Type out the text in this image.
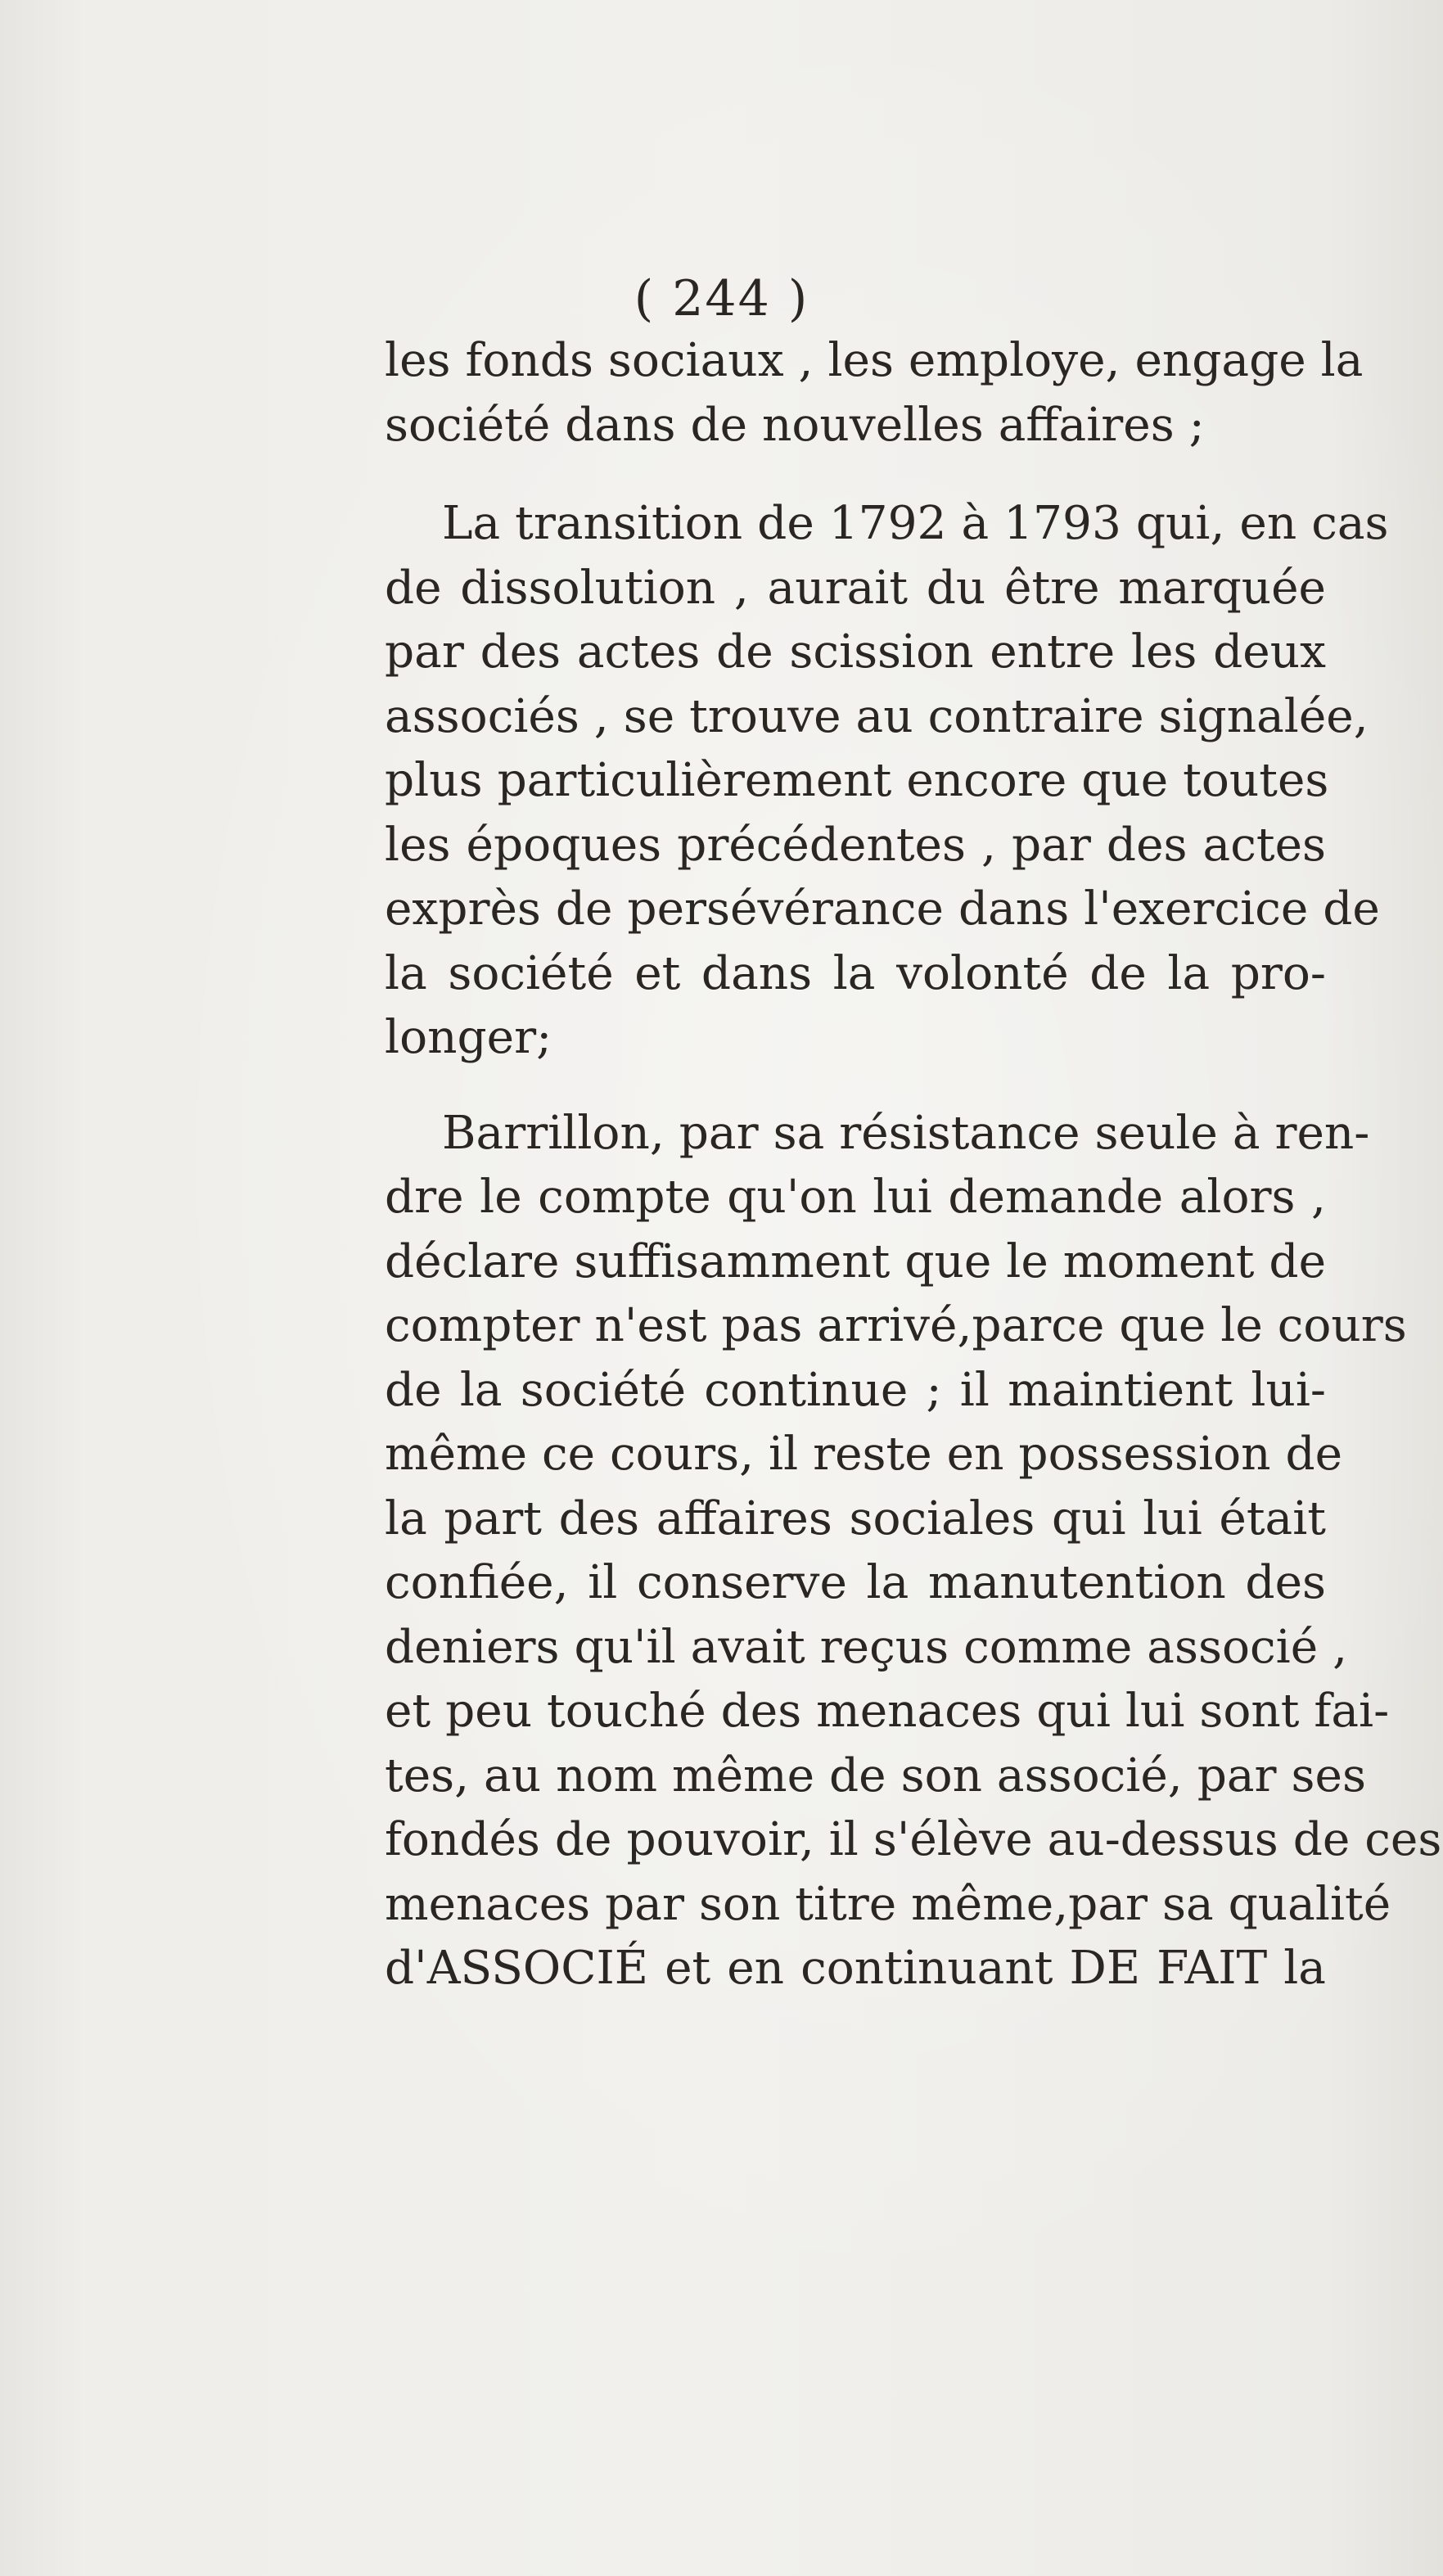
( 244 )
les fonds sociaux , les employe, engage la
société dans de nouvelles affaires ;
La transition de 1792 à 1793 qui, en cas
de dissolution , aurait du être marquée
par des actes de scission entre les deux
associés , se trouve au contraire signalée,
plus particulièrement encore que toutes
les époques précédentes , par des actes
exprès de persévérance dans l'exercice de
la société et dans la volonté de la pro-
longer;
Barrillon, par sa résistance seule à ren-
dre le compte qu'on lui demande alors ,
déclare suffisamment que le moment de
compter n'est pas arrivé,parce que le cours
de la société continue ; il maintient lui-
même ce cours, il reste en possession de
la part des affaires sociales qui lui était
confiée, il conserve la manutention des
deniers qu'il avait reçus comme associé ,
et peu touché des menaces qui lui sont fai-
tes, au nom même de son associé, par ses
fondés de pouvoir, il s'élève au-dessus de ces
menaces par son titre même,par sa qualité
d'ASSOCIÉ et en continuant DE FAIT la
